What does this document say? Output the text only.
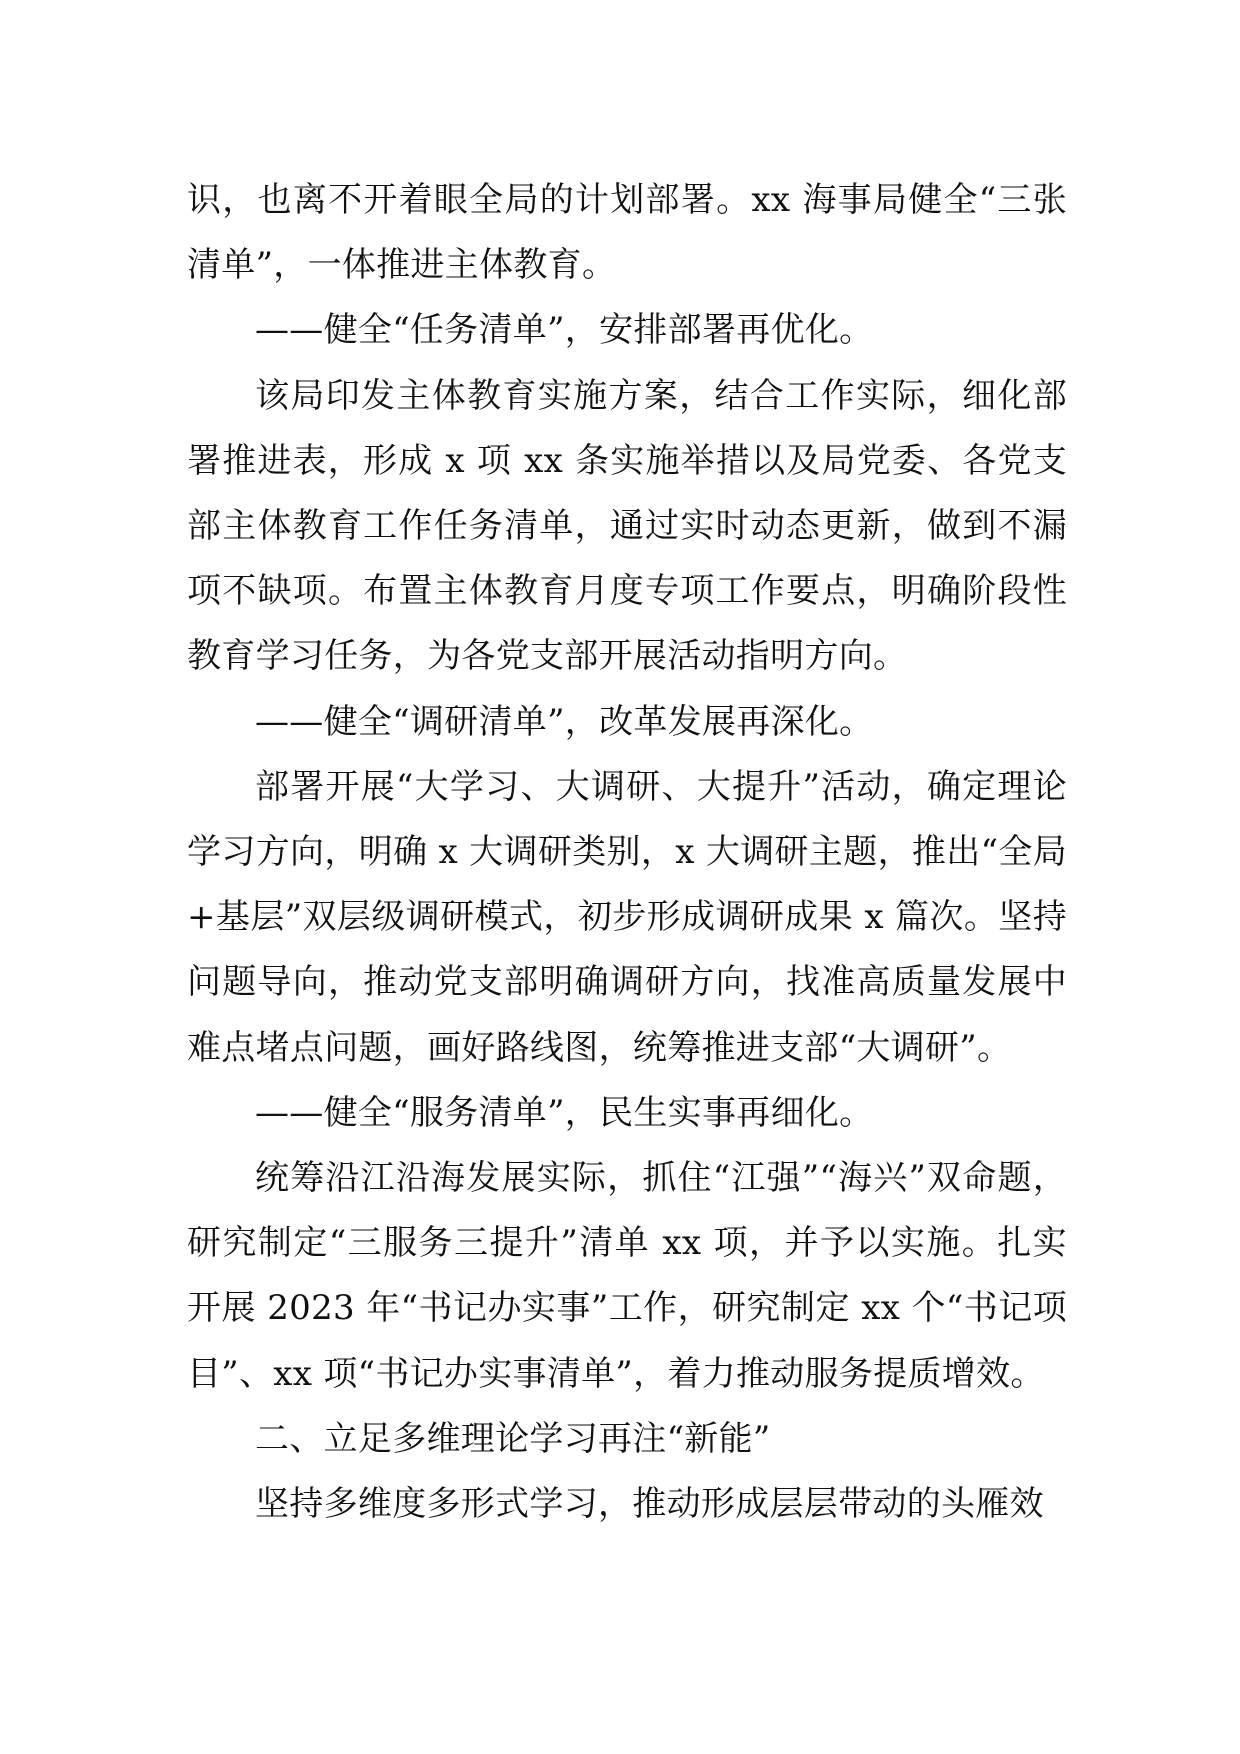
识，也离不开着眼全局的计划部署。xx 海事局健全“三张清单”，一体推进主体教育。

——健全“任务清单”，安排部署再优化。

该局印发主体教育实施方案，结合工作实际，细化部署推进表，形成 x 项 xx 条实施举措以及局党委、各党支部主体教育工作任务清单，通过实时动态更新，做到不漏项不缺项。布置主体教育月度专项工作要点，明确阶段性教育学习任务，为各党支部开展活动指明方向。

——健全“调研清单”，改革发展再深化。

部署开展“大学习、大调研、大提升”活动，确定理论学习方向，明确 x 大调研类别，x 大调研主题，推出“全局+基层”双层级调研模式，初步形成调研成果 x 篇次。坚持问题导向，推动党支部明确调研方向，找准高质量发展中难点堵点问题，画好路线图，统筹推进支部“大调研”。

——健全“服务清单”，民生实事再细化。

统筹沿江沿海发展实际，抓住“江强”“海兴”双命题，研究制定“三服务三提升”清单 xx 项，并予以实施。扎实开展 2023 年“书记办实事”工作，研究制定 xx 个“书记项目”、xx 项“书记办实事清单”，着力推动服务提质增效。

二、立足多维理论学习再注“新能”

坚持多维度多形式学习，推动形成层层带动的头雁效
